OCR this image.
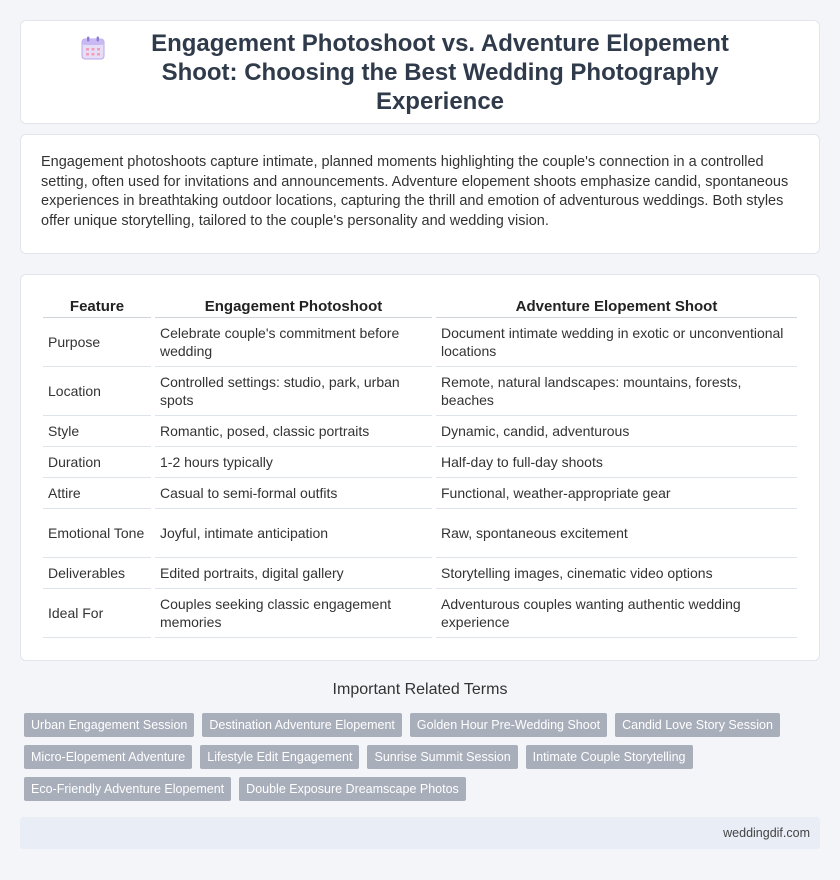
Engagement Photoshoot vs. Adventure Elopement Shoot: Choosing the Best Wedding Photography Experience

Engagement photoshoots capture intimate, planned moments highlighting the couple's connection in a controlled setting, often used for invitations and announcements. Adventure elopement shoots emphasize candid, spontaneous experiences in breathtaking outdoor locations, capturing the thrill and emotion of adventurous weddings. Both styles offer unique storytelling, tailored to the couple's personality and wedding vision.

Feature	Engagement Photoshoot	Adventure Elopement Shoot
Purpose	Celebrate couple's commitment before wedding	Document intimate wedding in exotic or unconventional locations
Location	Controlled settings: studio, park, urban spots	Remote, natural landscapes: mountains, forests, beaches
Style	Romantic, posed, classic portraits	Dynamic, candid, adventurous
Duration	1-2 hours typically	Half-day to full-day shoots
Attire	Casual to semi-formal outfits	Functional, weather-appropriate gear
Emotional Tone	Joyful, intimate anticipation	Raw, spontaneous excitement
Deliverables	Edited portraits, digital gallery	Storytelling images, cinematic video options
Ideal For	Couples seeking classic engagement memories	Adventurous couples wanting authentic wedding experience
Important Related Terms
Urban Engagement Session	Destination Adventure Elopement	Golden Hour Pre-Wedding Shoot	Candid Love Story Session
Micro-Elopement Adventure	Lifestyle Edit Engagement	Sunrise Summit Session	Intimate Couple Storytelling
Eco-Friendly Adventure Elopement	Double Exposure Dreamscape Photos
weddingdif.com
